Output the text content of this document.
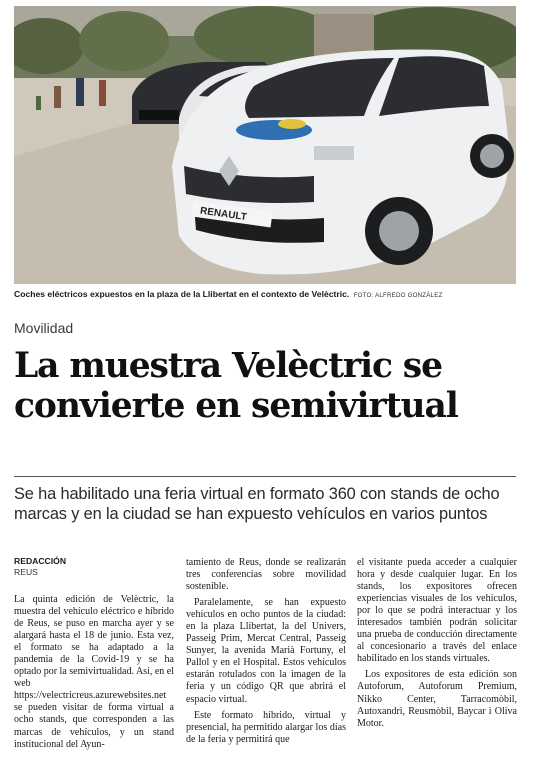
RENAULT
Coches eléctricos expuestos en la plaza de la Llibertat en el contexto de Velèctric. FOTO: ALFREDO GONZÁLEZ
Movilidad
La muestra Velèctric se
convierte en semivirtual
Se ha habilitado una feria virtual en formato 360 con stands de ocho marcas y en la ciudad se han expuesto vehículos en varios puntos
REDACCIÓN
REUS

La quinta edición de Velèctric, la muestra del vehículo eléctrico e híbrido de Reus, se puso en marcha ayer y se alargará hasta el 18 de junio. Esta vez, el formato se ha adaptado a la pandemia de la Covid-19 y se ha optado por la semivirtualidad. Así, en el web https://velectricreus.azurewebsites.net se pueden visitar de forma virtual a ocho stands, que corresponden a las marcas de vehículos, y un stand institucional del Ayun-

tamiento de Reus, donde se realizarán tres conferencias sobre movilidad sostenible.

Paralelamente, se han expuesto vehículos en ocho puntos de la ciudad: en la plaza Llibertat, la del Univers, Passeig Prim, Mercat Central, Passeig Sunyer, la avenida Marià Fortuny, el Pallol y en el Hospital. Estos vehículos estarán rotulados con la imagen de la feria y un código QR que abrirá el espacio virtual.

Este formato híbrido, virtual y presencial, ha permitido alargar los días de la feria y permitirá que

el visitante pueda acceder a cualquier hora y desde cualquier lugar. En los stands, los expositores ofrecen experiencias visuales de los vehículos, por lo que se podrá interactuar y los interesados también podrán solicitar una prueba de conducción directamente al concesionario a través del enlace habilitado en los stands virtuales.

Los expositores de esta edición son Autoforum, Autoforum Premium, Nikko Center, Tarracomòbil, Autoxandri, Reusmòbil, Baycar i Oliva Motor.
